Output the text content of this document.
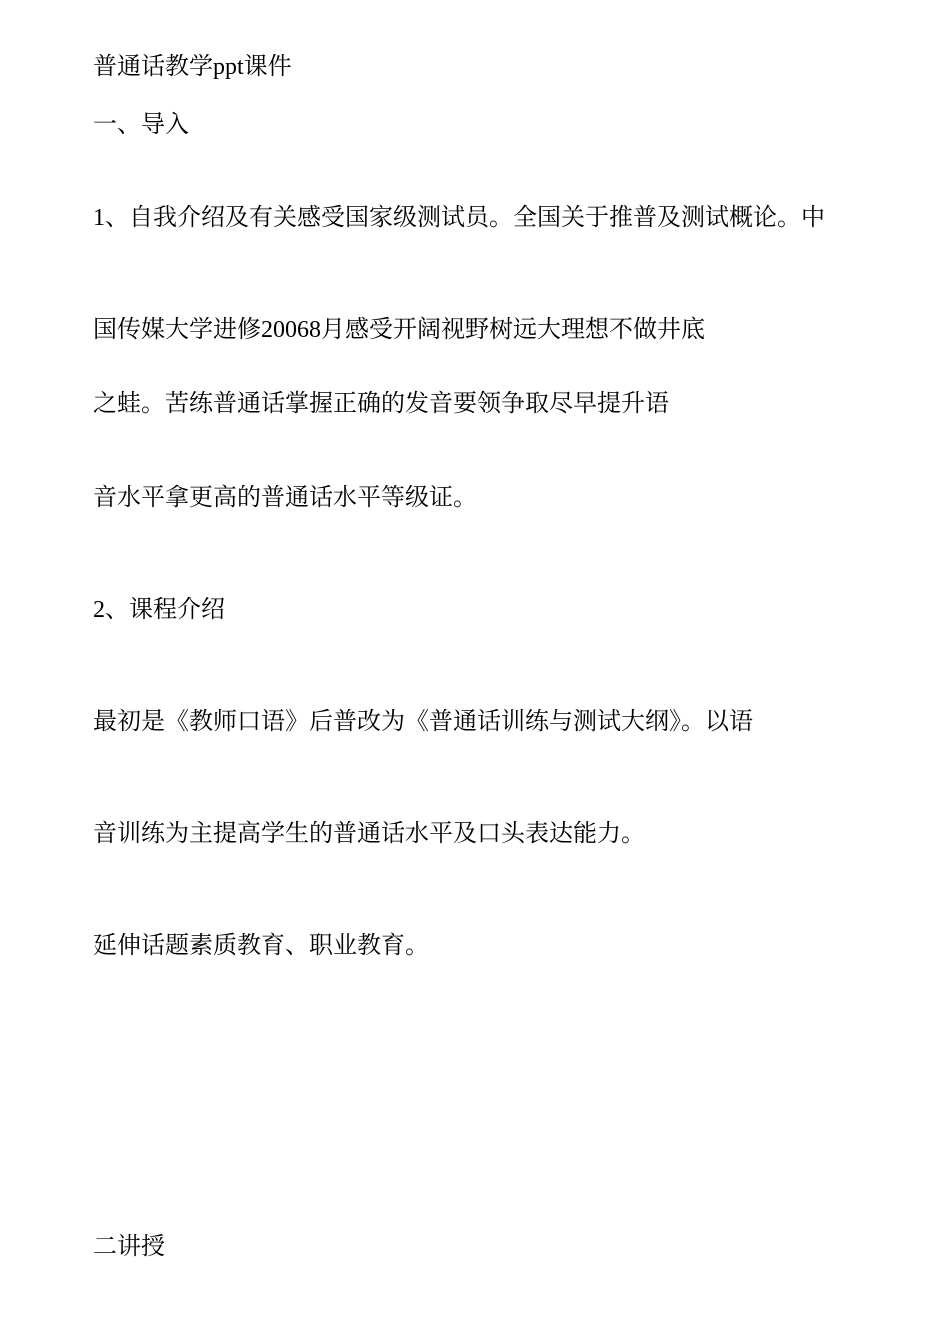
普通话教学ppt课件

一、导入

1、自我介绍及有关感受国家级测试员。全国关于推普及测试概论。中

国传媒大学进修20068月感受开阔视野树远大理想不做井底

之蛙。苦练普通话掌握正确的发音要领争取尽早提升语

音水平拿更高的普通话水平等级证。

2、课程介绍

最初是《教师口语》后普改为《普通话训练与测试大纲》。以语

音训练为主提高学生的普通话水平及口头表达能力。

延伸话题素质教育、职业教育。

二讲授
